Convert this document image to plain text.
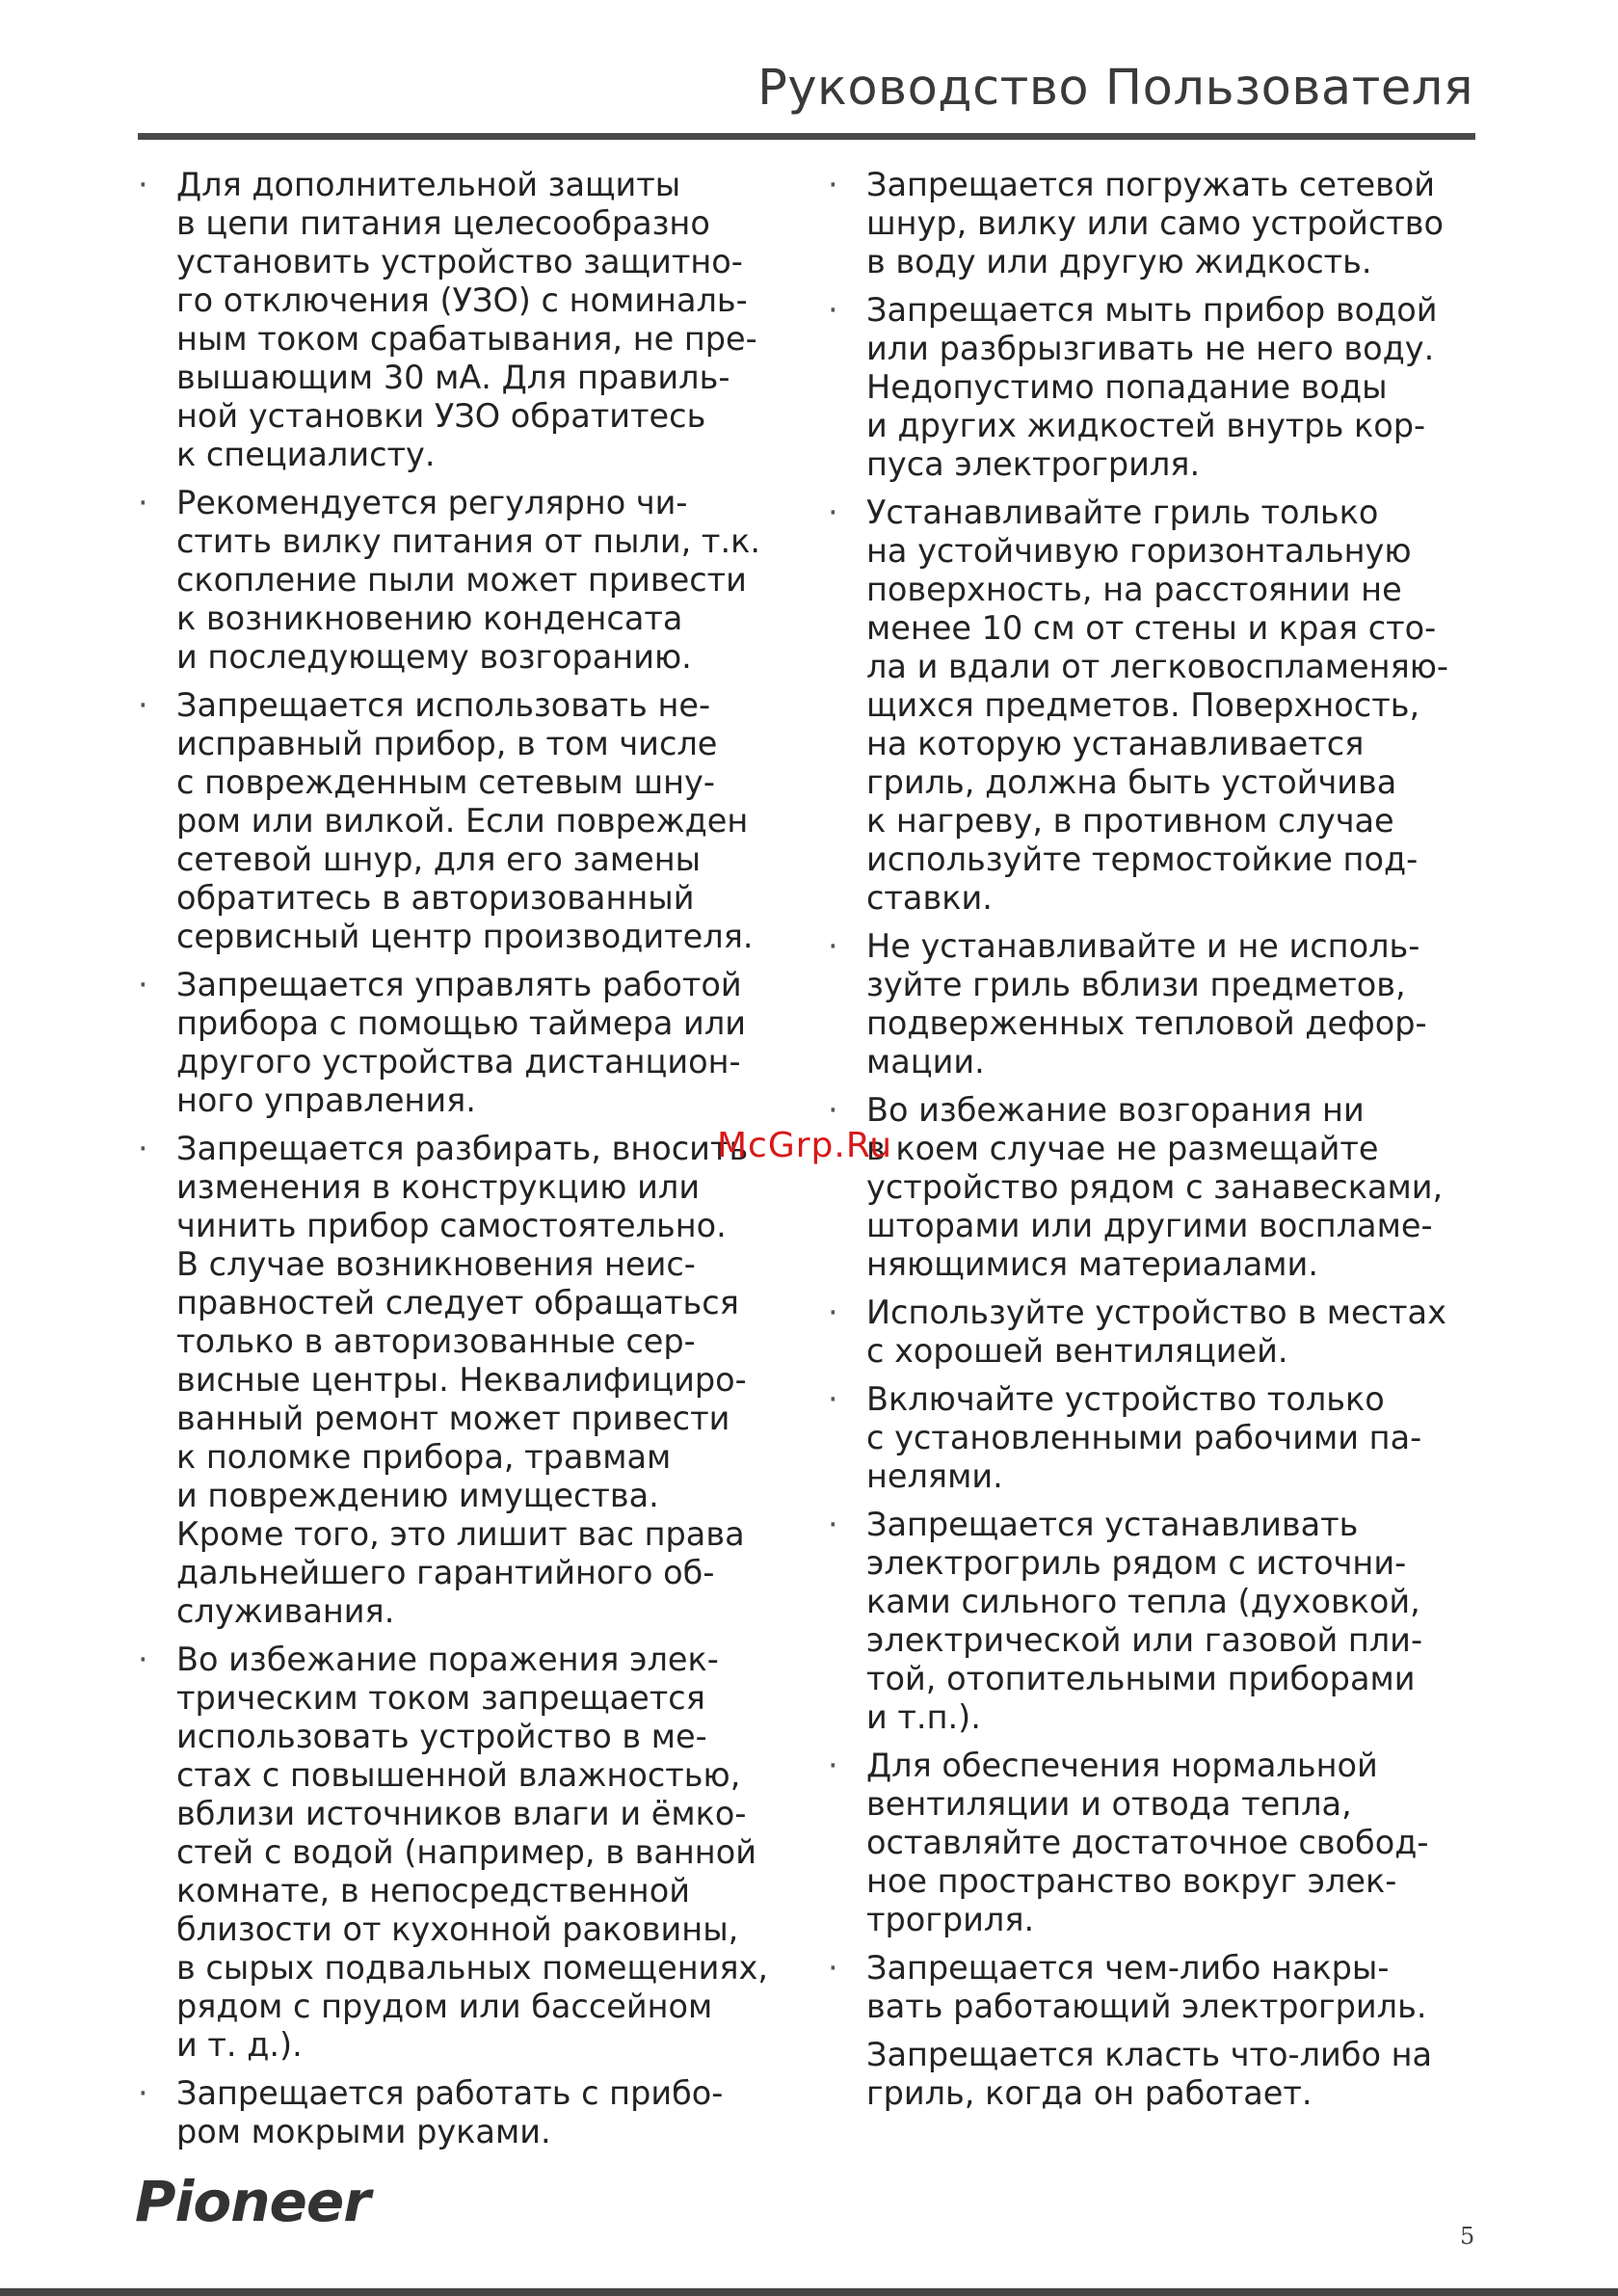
Руководство Пользователя
· Для дополнительной защиты
в цепи питания целесообразно
установить устройство защитно-
го отключения (УЗО) с номиналь-
ным током срабатывания, не пре-
вышающим 30 мА. Для правиль-
ной установки УЗО обратитесь
к специалисту.
· Рекомендуется регулярно чи-
стить вилку питания от пыли, т.к.
скопление пыли может привести
к возникновению конденсата
и последующему возгоранию.
· Запрещается использовать не-
исправный прибор, в том числе
с поврежденным сетевым шну-
ром или вилкой. Если поврежден
сетевой шнур, для его замены
обратитесь в авторизованный
сервисный центр производителя.
· Запрещается управлять работой
прибора с помощью таймера или
другого устройства дистанцион-
ного управления.
· Запрещается разбирать, вносить
изменения в конструкцию или
чинить прибор самостоятельно.
В случае возникновения неис-
правностей следует обращаться
только в авторизованные сер-
висные центры. Неквалифициро-
ванный ремонт может привести
к поломке прибора, травмам
и повреждению имущества.
Кроме того, это лишит вас права
дальнейшего гарантийного об-
служивания.
· Во избежание поражения элек-
трическим током запрещается
использовать устройство в ме-
стах с повышенной влажностью,
вблизи источников влаги и ёмко-
стей с водой (например, в ванной
комнате, в непосредственной
близости от кухонной раковины,
в сырых подвальных помещениях,
рядом с прудом или бассейном
и т. д.).
· Запрещается работать с прибо-
ром мокрыми руками.
· Запрещается погружать сетевой
шнур, вилку или само устройство
в воду или другую жидкость.
· Запрещается мыть прибор водой
или разбрызгивать не него воду.
Недопустимо попадание воды
и других жидкостей внутрь кор-
пуса электрогриля.
· Устанавливайте гриль только
на устойчивую горизонтальную
поверхность, на расстоянии не
менее 10 см от стены и края сто-
ла и вдали от легковоспламеняю-
щихся предметов. Поверхность,
на которую устанавливается
гриль, должна быть устойчива
к нагреву, в противном случае
используйте термостойкие под-
ставки.
· Не устанавливайте и не исполь-
зуйте гриль вблизи предметов,
подверженных тепловой дефор-
мации.
· Во избежание возгорания ни
в коем случае не размещайте
устройство рядом с занавесками,
шторами или другими воспламе-
няющимися материалами.
· Используйте устройство в местах
с хорошей вентиляцией.
· Включайте устройство только
с установленными рабочими па-
нелями.
· Запрещается устанавливать
электрогриль рядом с источни-
ками сильного тепла (духовкой,
электрической или газовой пли-
той, отопительными приборами
и т.п.).
· Для обеспечения нормальной
вентиляции и отвода тепла,
оставляйте достаточное свобод-
ное пространство вокруг элек-
трогриля.
· Запрещается чем-либо накры-
вать работающий электрогриль.
Запрещается класть что-либо на
гриль, когда он работает.
McGrp.Ru
Pioneer
5
